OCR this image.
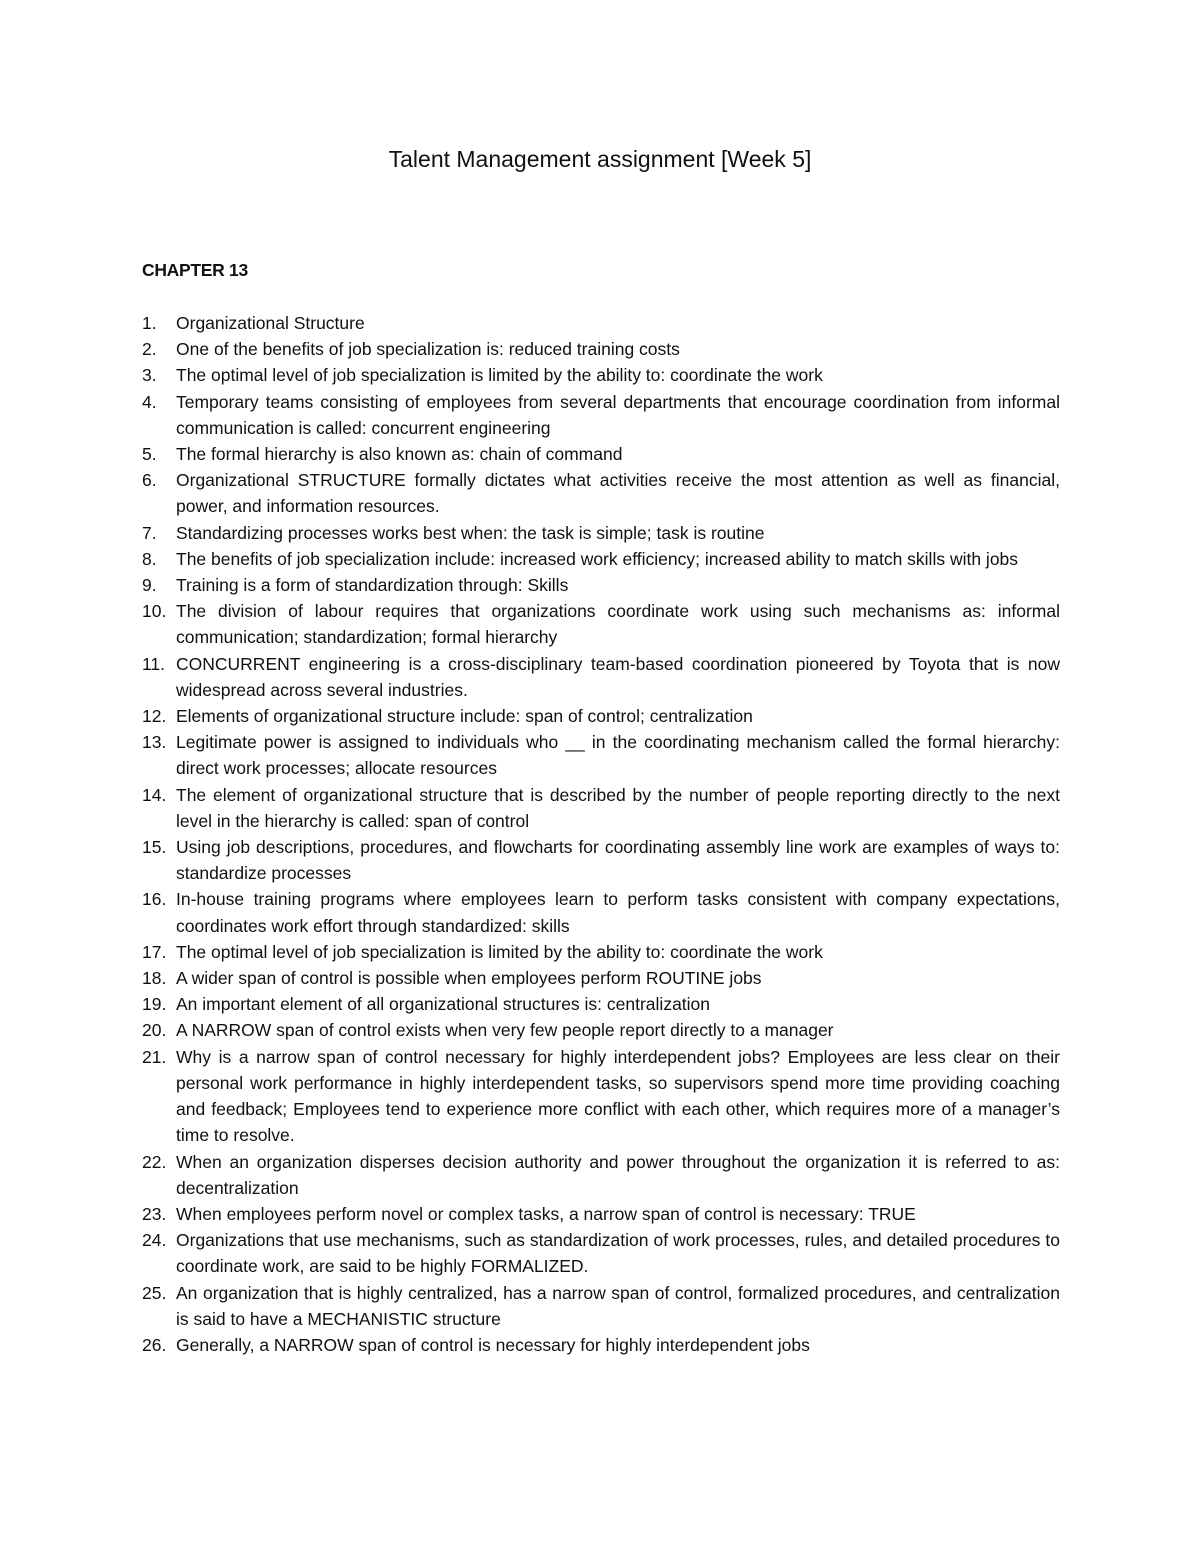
Talent Management assignment [Week 5]
CHAPTER 13
1.	Organizational Structure
2.	One of the benefits of job specialization is: reduced training costs
3.	The optimal level of job specialization is limited by the ability to: coordinate the work
4.	Temporary teams consisting of employees from several departments that encourage coordination from informal communication is called: concurrent engineering
5.	The formal hierarchy is also known as: chain of command
6.	Organizational STRUCTURE formally dictates what activities receive the most attention as well as financial, power, and information resources.
7.	Standardizing processes works best when: the task is simple; task is routine
8.	The benefits of job specialization include: increased work efficiency; increased ability to match skills with jobs
9.	Training is a form of standardization through: Skills
10. The division of labour requires that organizations coordinate work using such mechanisms as: informal communication; standardization; formal hierarchy
11. CONCURRENT engineering is a cross-disciplinary team-based coordination pioneered by Toyota that is now widespread across several industries.
12. Elements of organizational structure include: span of control; centralization
13. Legitimate power is assigned to individuals who __ in the coordinating mechanism called the formal hierarchy: direct work processes; allocate resources
14. The element of organizational structure that is described by the number of people reporting directly to the next level in the hierarchy is called: span of control
15. Using job descriptions, procedures, and flowcharts for coordinating assembly line work are examples of ways to: standardize processes
16. In-house training programs where employees learn to perform tasks consistent with company expectations, coordinates work effort through standardized: skills
17. The optimal level of job specialization is limited by the ability to: coordinate the work
18. A wider span of control is possible when employees perform ROUTINE jobs
19. An important element of all organizational structures is: centralization
20. A NARROW span of control exists when very few people report directly to a manager
21. Why is a narrow span of control necessary for highly interdependent jobs? Employees are less clear on their personal work performance in highly interdependent tasks, so supervisors spend more time providing coaching and feedback; Employees tend to experience more conflict with each other, which requires more of a manager’s time to resolve.
22. When an organization disperses decision authority and power throughout the organization it is referred to as: decentralization
23. When employees perform novel or complex tasks, a narrow span of control is necessary: TRUE
24. Organizations that use mechanisms, such as standardization of work processes, rules, and detailed procedures to coordinate work, are said to be highly FORMALIZED.
25. An organization that is highly centralized, has a narrow span of control, formalized procedures, and centralization is said to have a MECHANISTIC structure
26. Generally, a NARROW span of control is necessary for highly interdependent jobs
